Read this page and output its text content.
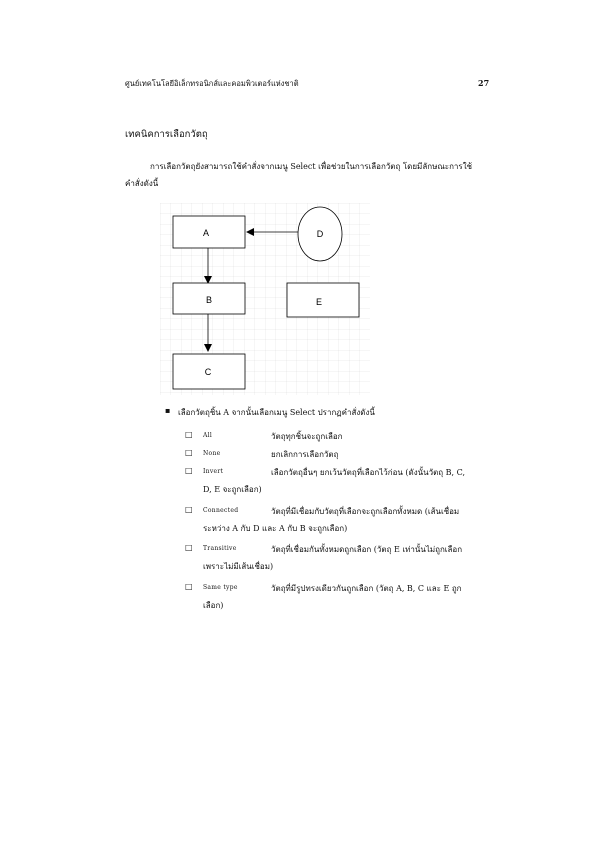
ศูนย์เทคโนโลยีอิเล็กทรอนิกส์และคอมพิวเตอร์แห่งชาติ	27
เทคนิคการเลือกวัตถุ
การเลือกวัตถุยังสามารถใช้คำสั่งจากเมนู Select เพื่อช่วยในการเลือกวัตถุ โดยมีลักษณะการใช้คำสั่งดังนี้
A	D
B	E
C
▪ เลือกวัตถุชิ้น A จากนั้นเลือกเมนู Select ปรากฏคำสั่งดังนี้
□ All	วัตถุทุกชิ้นจะถูกเลือก
□ None	ยกเลิกการเลือกวัตถุ
□ Invert	เลือกวัตถุอื่นๆ ยกเว้นวัตถุที่เลือกไว้ก่อน (ดังนั้นวัตถุ B, C,
D, E จะถูกเลือก)
□ Connected	วัตถุที่มีเชื่อมกับวัตถุที่เลือกจะถูกเลือกทั้งหมด (เส้นเชื่อม
ระหว่าง A กับ D และ A กับ B จะถูกเลือก)
□ Transitive	วัตถุที่เชื่อมกันทั้งหมดถูกเลือก (วัตถุ E เท่านั้นไม่ถูกเลือก
เพราะไม่มีเส้นเชื่อม)
□ Same type	วัตถุที่มีรูปทรงเดียวกันถูกเลือก (วัตถุ A, B, C และ E ถูก
เลือก)
